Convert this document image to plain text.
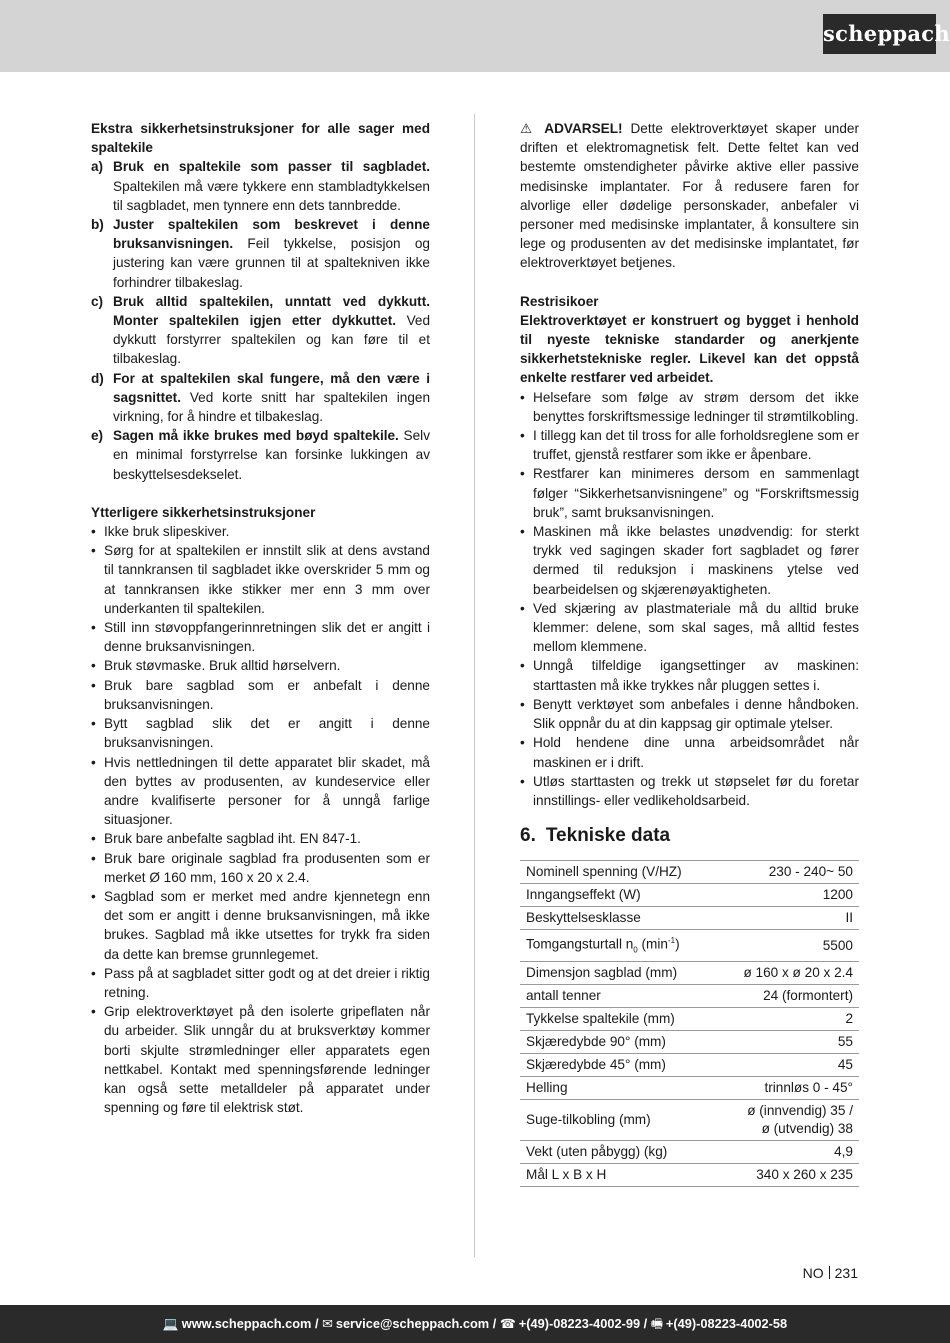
scheppach
Ekstra sikkerhetsinstruksjoner for alle sager med spaltekile
a) Bruk en spaltekile som passer til sagbladet. Spaltekilen må være tykkere enn stambladtykkelsen til sagbladet, men tynnere enn dets tannbredde.
b) Juster spaltekilen som beskrevet i denne bruksanvisningen. Feil tykkelse, posisjon og justering kan være grunnen til at spaltekniven ikke forhindrer tilbakeslag.
c) Bruk alltid spaltekilen, unntatt ved dykkutt. Monter spaltekilen igjen etter dykkuttet. Ved dykkutt forstyrrer spaltekilen og kan føre til et tilbakeslag.
d) For at spaltekilen skal fungere, må den være i sagsnittet. Ved korte snitt har spaltekilen ingen virkning, for å hindre et tilbakeslag.
e) Sagen må ikke brukes med bøyd spaltekile. Selv en minimal forstyrrelse kan forsinke lukkingen av beskyttelsesdekselet.
Ytterligere sikkerhetsinstruksjoner
• Ikke bruk slipeskiver.
• Sørg for at spaltekilen er innstilt slik at dens avstand til tannkransen til sagbladet ikke overskrider 5 mm og at tannkransen ikke stikker mer enn 3 mm over underkanten til spaltekilen.
• Still inn støvoppfangerinnretningen slik det er angitt i denne bruksanvisningen.
• Bruk støvmaske. Bruk alltid hørselvern.
• Bruk bare sagblad som er anbefalt i denne bruksanvisningen.
• Bytt sagblad slik det er angitt i denne bruksanvisningen.
• Hvis nettledningen til dette apparatet blir skadet, må den byttes av produsenten, av kundeservice eller andre kvalifiserte personer for å unngå farlige situasjoner.
• Bruk bare anbefalte sagblad iht. EN 847-1.
• Bruk bare originale sagblad fra produsenten som er merket Ø 160 mm, 160 x 20 x 2.4.
• Sagblad som er merket med andre kjennetegn enn det som er angitt i denne bruksanvisningen, må ikke brukes. Sagblad må ikke utsettes for trykk fra siden da dette kan bremse grunnlegemet.
• Pass på at sagbladet sitter godt og at det dreier i riktig retning.
• Grip elektroverktøyet på den isolerte gripeflaten når du arbeider. Slik unngår du at bruksverktøy kommer borti skjulte strømledninger eller apparatets egen nettkabel. Kontakt med spenningsførende ledninger kan også sette metalldeler på apparatet under spenning og føre til elektrisk støt.
⚠ ADVARSEL! Dette elektroverktøyet skaper under driften et elektromagnetisk felt. Dette feltet kan ved bestemte omstendigheter påvirke aktive eller passive medisinske implantater. For å redusere faren for alvorlige eller dødelige personskader, anbefaler vi personer med medisinske implantater, å konsultere sin lege og produsenten av det medisinske implantatet, før elektroverktøyet betjenes.
Restrisikoer
Elektroverktøyet er konstruert og bygget i henhold til nyeste tekniske standarder og anerkjente sikkerhetstekniske regler. Likevel kan det oppstå enkelte restfarer ved arbeidet.
• Helsefare som følge av strøm dersom det ikke benyttes forskriftsmessige ledninger til strømtilkobling.
• I tillegg kan det til tross for alle forholdsreglene som er truffet, gjenstå restfarer som ikke er åpenbare.
• Restfarer kan minimeres dersom en sammenlagt følger “Sikkerhetsanvisningene” og “Forskriftsmessig bruk”, samt bruksanvisningen.
• Maskinen må ikke belastes unødvendig: for sterkt trykk ved sagingen skader fort sagbladet og fører dermed til reduksjon i maskinens ytelse ved bearbeidelsen og skjærenøyaktigheten.
• Ved skjæring av plastmateriale må du alltid bruke klemmer: delene, som skal sages, må alltid festes mellom klemmene.
• Unngå tilfeldige igangsettinger av maskinen: starttasten må ikke trykkes når pluggen settes i.
• Benytt verktøyet som anbefales i denne håndboken. Slik oppnår du at din kappsag gir optimale ytelser.
• Hold hendene dine unna arbeidsområdet når maskinen er i drift.
• Utløs starttasten og trekk ut støpselet før du foretar innstillings- eller vedlikeholdsarbeid.
6. Tekniske data
Nominell spenning (V/HZ)	230 - 240~ 50
Inngangseffekt (W)	1200
Beskyttelsesklasse	II
Tomgangsturtall $n_0$ $(\min^{-1})$	5500
Dimensjon sagblad (mm)	ø 160 x ø 20 x 2.4
antall tenner	24 (formontert)
Tykkelse spaltekile (mm)	2
Skjæredybde 90° (mm)	55
Skjæredybde 45° (mm)	45
Helling	trinnløs 0 - 45°
Suge-tilkobling (mm)	ø (innvendig) 35 /
ø (utvendig) 38

Vekt (uten påbygg) (kg)	4,9
Mål L x B x H	340 x 260 x 235
NO 231
💻 www.scheppach.com / ✉ service@scheppach.com / ☎ +(49)-08223-4002-99 / 🖷 +(49)-08223-4002-58
